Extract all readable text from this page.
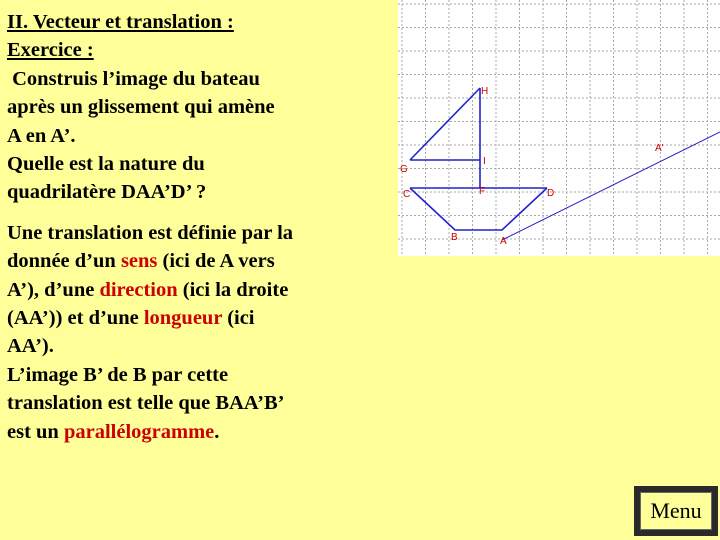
II. Vecteur et translation :

Exercice :

Construis l’image du bateau

après un glissement qui amène

A en A’.

Quelle est la nature du

quadrilatère DAA’D’ ?

Une translation est définie par la

donnée d’un sens (ici de A vers

A’), d’une direction (ici la droite

(AA’)) et d’une longueur (ici

AA’).

L’image B’ de B par cette

translation est telle que BAA’B’

est un parallélogramme.

H
G
I
C	F	D
B	A
A'
Menu
